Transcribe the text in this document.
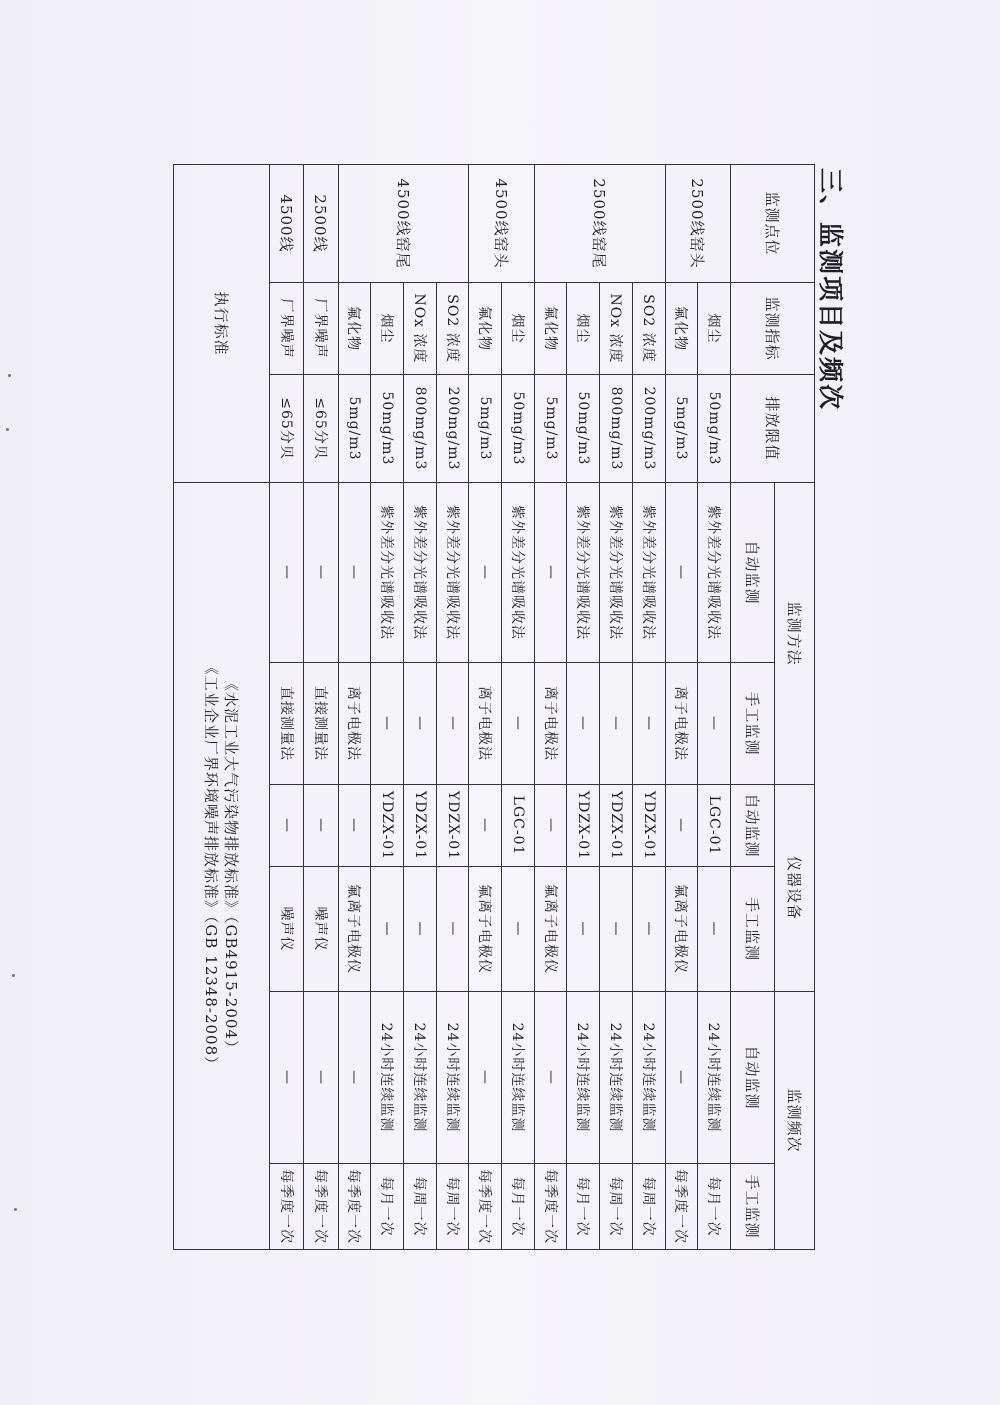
三、监测项目及频次
监测点位	监测指标	排放限值	监测方法		仪器设备		监测频次	
			自动监测	手工监测	自动监测	手工监测	自动监测	手工监测
2500线窑头	烟尘	50mg/m3	紫外差分光谱吸收法	—	LGC-01	—	24小时连续监测	每月一次
	氟化物	5mg/m3	—	离子电极法	—	氟离子电极仪	—	每季度一次
2500线窑尾	SO2 浓度	200mg/m3	紫外差分光谱吸收法	—	YDZX-01	—	24小时连续监测	每周一次
	NOx 浓度	800mg/m3	紫外差分光谱吸收法	—	YDZX-01	—	24小时连续监测	每周一次
	烟尘	50mg/m3	紫外差分光谱吸收法	—	YDZX-01	—	24小时连续监测	每月一次
	氟化物	5mg/m3	—	离子电极法	—	氟离子电极仪	—	每季度一次
4500线窑头	烟尘	50mg/m3	紫外差分光谱吸收法	—	LGC-01	—	24小时连续监测	每月一次
	氟化物	5mg/m3	—	离子电极法	—	氟离子电极仪	—	每季度一次
4500线窑尾	SO2 浓度	200mg/m3	紫外差分光谱吸收法	—	YDZX-01	—	24小时连续监测	每周一次
	NOx 浓度	800mg/m3	紫外差分光谱吸收法	—	YDZX-01	—	24小时连续监测	每周一次
	烟尘	50mg/m3	紫外差分光谱吸收法	—	YDZX-01	—	24小时连续监测	每月一次
	氟化物	5mg/m3	—	离子电极法	—	氟离子电极仪	—	每季度一次
2500线	厂界噪声	≤65分贝	—	直接测量法	—	噪声仪	—	每季度一次
4500线	厂界噪声	≤65分贝	—	直接测量法	—	噪声仪	—	每季度一次
执行标准			《水泥工业大气污染物排放标准》（GB4915-2004）
《工业企业厂界环境噪声排放标准》（GB 12348-2008）					
